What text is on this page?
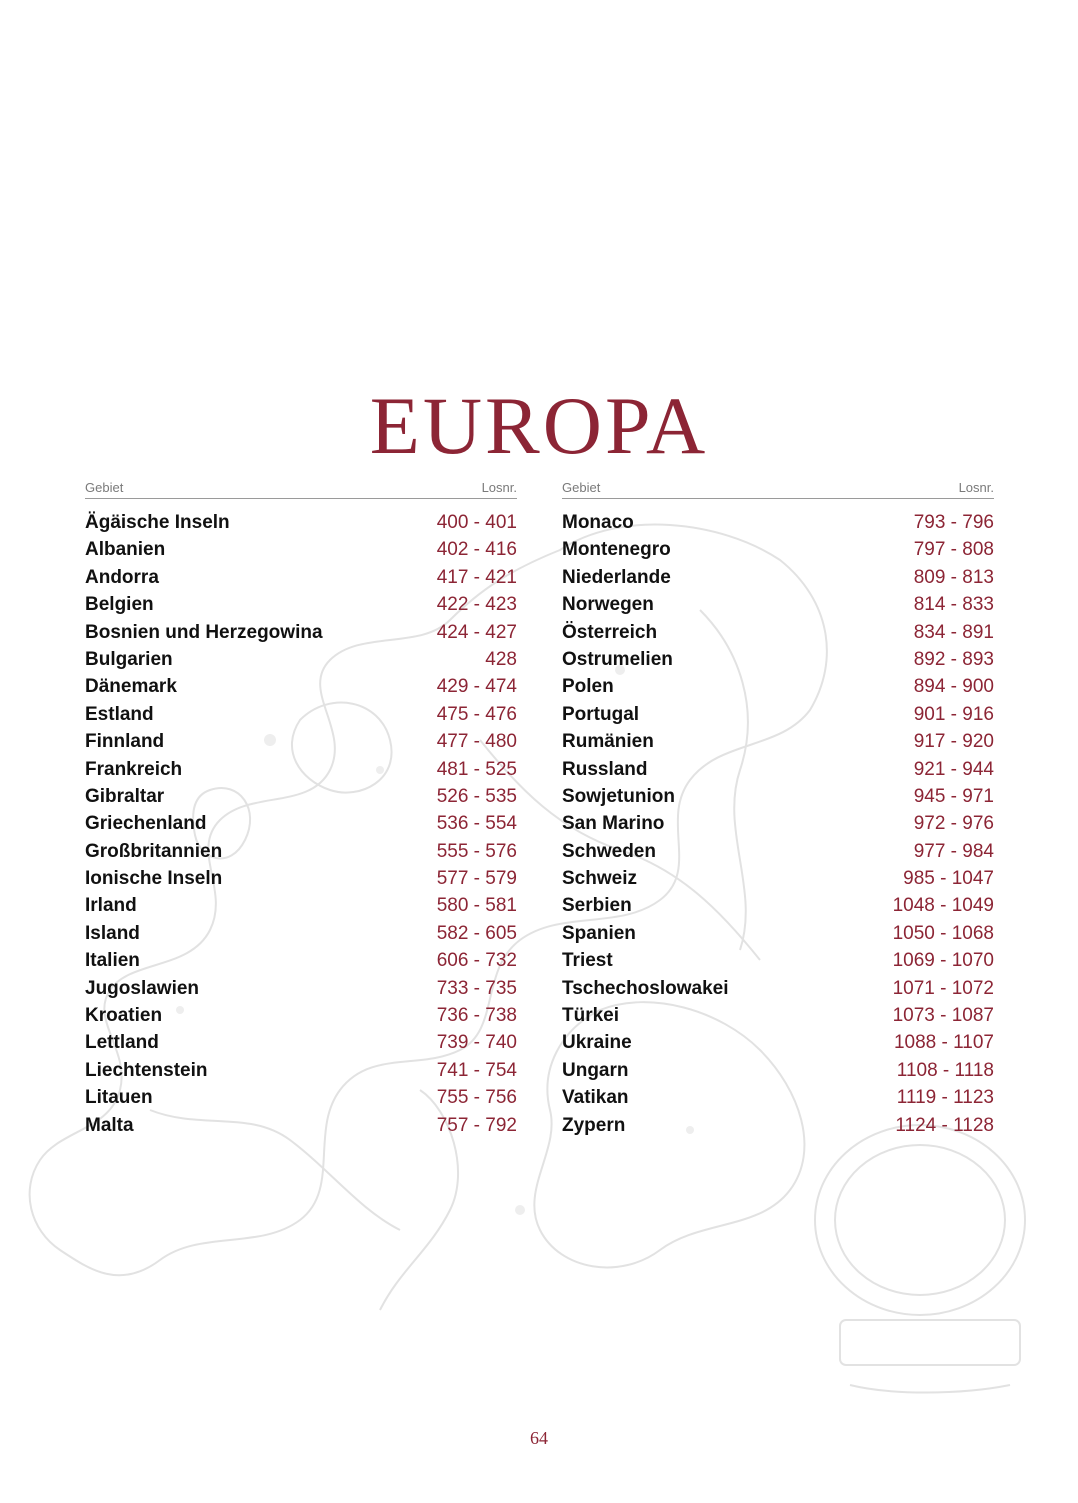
EUROPA
Gebiet	Losnr.
Ägäische Inseln	400 - 401
Albanien	402 - 416
Andorra	417 - 421
Belgien	422 - 423
Bosnien und Herzegowina	424 - 427
Bulgarien	428
Dänemark	429 - 474
Estland	475 - 476
Finnland	477 - 480
Frankreich	481 - 525
Gibraltar	526 - 535
Griechenland	536 - 554
Großbritannien	555 - 576
Ionische Inseln	577 - 579
Irland	580 - 581
Island	582 - 605
Italien	606 - 732
Jugoslawien	733 - 735
Kroatien	736 - 738
Lettland	739 - 740
Liechtenstein	741 - 754
Litauen	755 - 756
Malta	757 - 792
Gebiet	Losnr.
Monaco	793 - 796
Montenegro	797 - 808
Niederlande	809 - 813
Norwegen	814 - 833
Österreich	834 - 891
Ostrumelien	892 - 893
Polen	894 - 900
Portugal	901 - 916
Rumänien	917 - 920
Russland	921 - 944
Sowjetunion	945 - 971
San Marino	972 - 976
Schweden	977 - 984
Schweiz	985 - 1047
Serbien	1048 - 1049
Spanien	1050 - 1068
Triest	1069 - 1070
Tschechoslowakei	1071 - 1072
Türkei	1073 - 1087
Ukraine	1088 - 1107
Ungarn	1108 - 1118
Vatikan	1119 - 1123
Zypern	1124 - 1128
64
